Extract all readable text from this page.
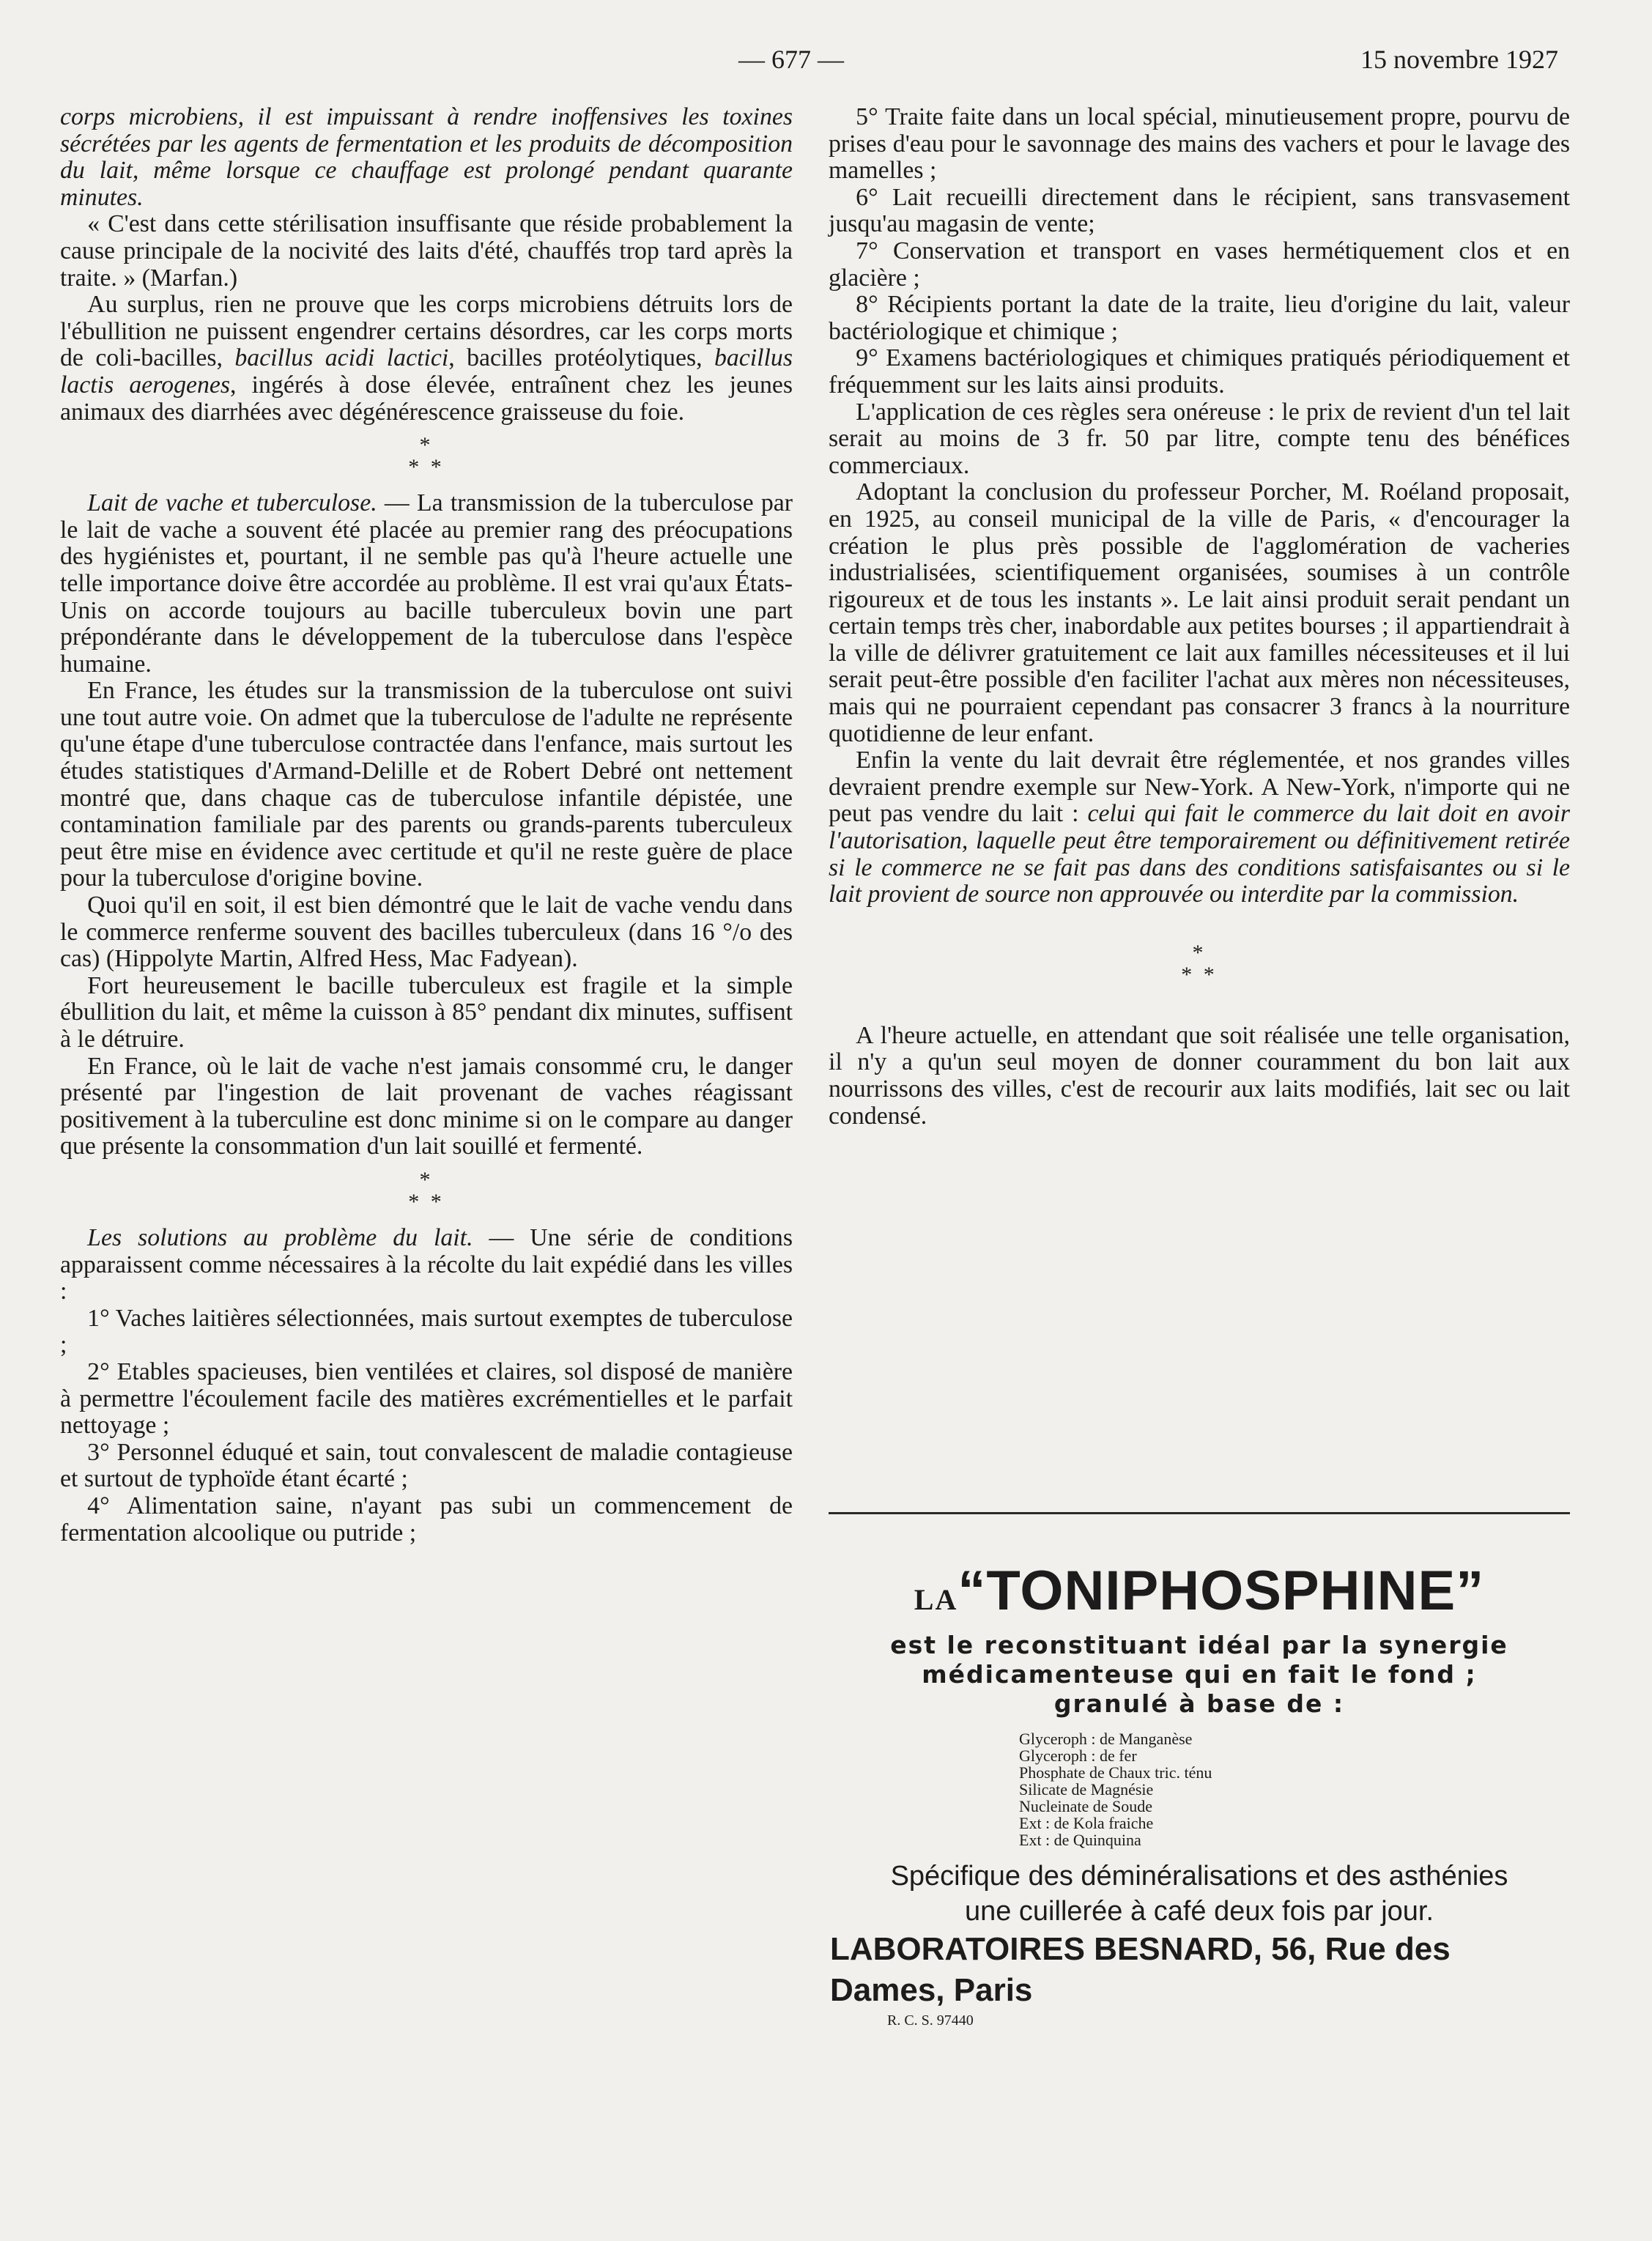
— 677 —	15 novembre 1927

corps microbiens, il est impuissant à rendre inoffensives les toxines sécrétées par les agents de fermentation et les produits de décomposition du lait, même lorsque ce chauffage est prolongé pendant quarante minutes.

« C'est dans cette stérilisation insuffisante que réside probablement la cause principale de la nocivité des laits d'été, chauffés trop tard après la traite. » (Marfan.)

Au surplus, rien ne prouve que les corps microbiens détruits lors de l'ébullition ne puissent engendrer certains désordres, car les corps morts de coli-bacilles, bacillus acidi lactici, bacilles protéolytiques, bacillus lactis aerogenes, ingérés à dose élevée, entraînent chez les jeunes animaux des diarrhées avec dégénérescence graisseuse du foie.

*
* *

Lait de vache et tuberculose. — La transmission de la tuberculose par le lait de vache a souvent été placée au premier rang des préocupations des hygiénistes et, pourtant, il ne semble pas qu'à l'heure actuelle une telle importance doive être accordée au problème. Il est vrai qu'aux États-Unis on accorde toujours au bacille tuberculeux bovin une part prépondérante dans le développement de la tuberculose dans l'espèce humaine.

En France, les études sur la transmission de la tuberculose ont suivi une tout autre voie. On admet que la tuberculose de l'adulte ne représente qu'une étape d'une tuberculose contractée dans l'enfance, mais surtout les études statistiques d'Armand-Delille et de Robert Debré ont nettement montré que, dans chaque cas de tuberculose infantile dépistée, une contamination familiale par des parents ou grands-parents tuberculeux peut être mise en évidence avec certitude et qu'il ne reste guère de place pour la tuberculose d'origine bovine.

Quoi qu'il en soit, il est bien démontré que le lait de vache vendu dans le commerce renferme souvent des bacilles tuberculeux (dans 16 °/o des cas) (Hippolyte Martin, Alfred Hess, Mac Fadyean).

Fort heureusement le bacille tuberculeux est fragile et la simple ébullition du lait, et même la cuisson à 85° pendant dix minutes, suffisent à le détruire.

En France, où le lait de vache n'est jamais consommé cru, le danger présenté par l'ingestion de lait provenant de vaches réagissant positivement à la tuberculine est donc minime si on le compare au danger que présente la consommation d'un lait souillé et fermenté.

*
* *

Les solutions au problème du lait. — Une série de conditions apparaissent comme nécessaires à la récolte du lait expédié dans les villes :

1° Vaches laitières sélectionnées, mais surtout exemptes de tuberculose ;

2° Etables spacieuses, bien ventilées et claires, sol disposé de manière à permettre l'écoulement facile des matières excrémentielles et le parfait nettoyage ;

3° Personnel éduqué et sain, tout convalescent de maladie contagieuse et surtout de typhoïde étant écarté ;

4° Alimentation saine, n'ayant pas subi un commencement de fermentation alcoolique ou putride ;

5° Traite faite dans un local spécial, minutieusement propre, pourvu de prises d'eau pour le savonnage des mains des vachers et pour le lavage des mamelles ;

6° Lait recueilli directement dans le récipient, sans transvasement jusqu'au magasin de vente;

7° Conservation et transport en vases hermétiquement clos et en glacière ;

8° Récipients portant la date de la traite, lieu d'origine du lait, valeur bactériologique et chimique ;

9° Examens bactériologiques et chimiques pratiqués périodiquement et fréquemment sur les laits ainsi produits.

L'application de ces règles sera onéreuse : le prix de revient d'un tel lait serait au moins de 3 fr. 50 par litre, compte tenu des bénéfices commerciaux.

Adoptant la conclusion du professeur Porcher, M. Roéland proposait, en 1925, au conseil municipal de la ville de Paris, « d'encourager la création le plus près possible de l'agglomération de vacheries industrialisées, scientifiquement organisées, soumises à un contrôle rigoureux et de tous les instants ». Le lait ainsi produit serait pendant un certain temps très cher, inabordable aux petites bourses ; il appartiendrait à la ville de délivrer gratuitement ce lait aux familles nécessiteuses et il lui serait peut-être possible d'en faciliter l'achat aux mères non nécessiteuses, mais qui ne pourraient cependant pas consacrer 3 francs à la nourriture quotidienne de leur enfant.

Enfin la vente du lait devrait être réglementée, et nos grandes villes devraient prendre exemple sur New-York. A New-York, n'importe qui ne peut pas vendre du lait : celui qui fait le commerce du lait doit en avoir l'autorisation, laquelle peut être temporairement ou définitivement retirée si le commerce ne se fait pas dans des conditions satisfaisantes ou si le lait provient de source non approuvée ou interdite par la commission.

*
* *

A l'heure actuelle, en attendant que soit réalisée une telle organisation, il n'y a qu'un seul moyen de donner couramment du bon lait aux nourrissons des villes, c'est de recourir aux laits modifiés, lait sec ou lait condensé.

LA“TONIPHOSPHINE”
est le reconstituant idéal par la synergie
médicamenteuse qui en fait le fond ;
granulé à base de :
Glyceroph : de Manganèse
Glyceroph : de fer
Phosphate de Chaux tric. ténu
Silicate de Magnésie
Nucleinate de Soude
Ext : de Kola fraiche
Ext : de Quinquina
Spécifique des déminéralisations et des asthénies
une cuillerée à café deux fois par jour.
LABORATOIRES BESNARD, 56, Rue des Dames, Paris
R. C. S. 97440
